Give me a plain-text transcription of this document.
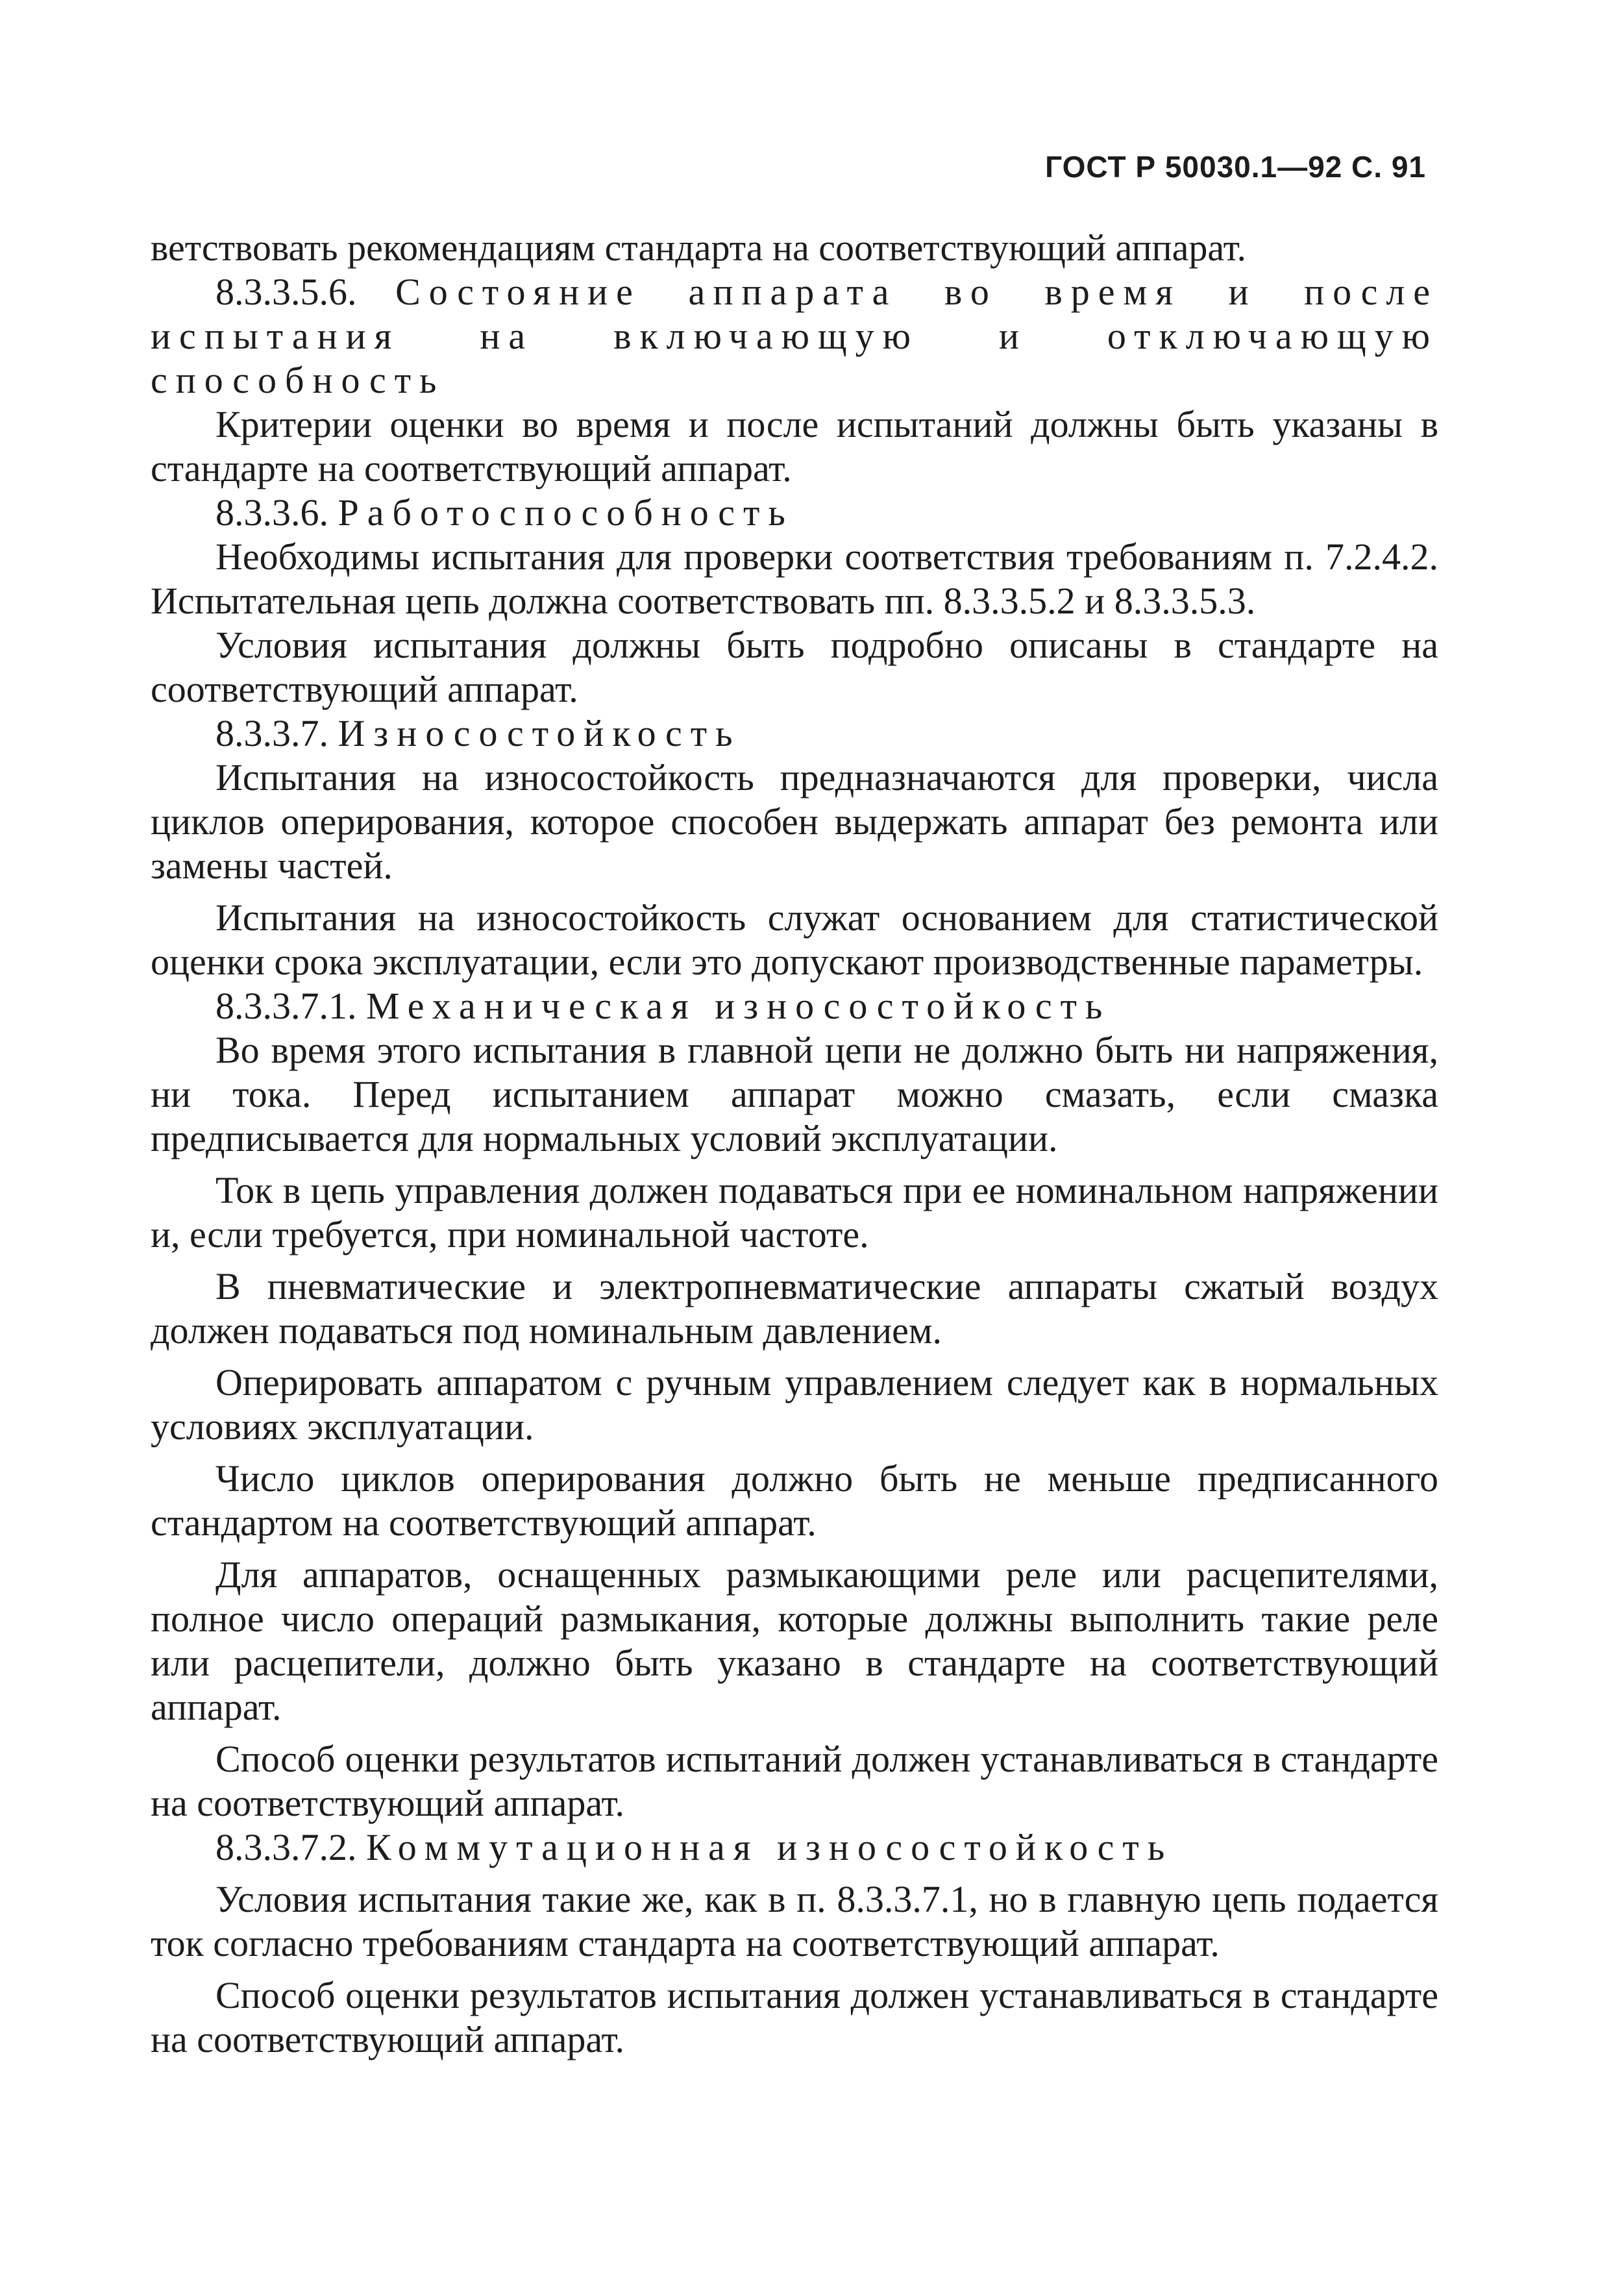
ГОСТ Р 50030.1—92 С. 91

ветствовать рекомендациям стандарта на соответствующий аппарат.

8.3.3.5.6. Состояние аппарата во время и после испытания на включающую и отключающую способность

Критерии оценки во время и после испытаний должны быть указаны в стандарте на соответствующий аппарат.

8.3.3.6. Работоспособность

Необходимы испытания для проверки соответствия требованиям п. 7.2.4.2. Испытательная цепь должна соответствовать пп. 8.3.3.5.2 и 8.3.3.5.3.

Условия испытания должны быть подробно описаны в стандарте на соответствующий аппарат.

8.3.3.7. Износостойкость

Испытания на износостойкость предназначаются для проверки, числа циклов оперирования, которое способен выдержать аппарат без ремонта или замены частей.

Испытания на износостойкость служат основанием для статистической оценки срока эксплуатации, если это допускают производственные параметры.

8.3.3.7.1. Механическая износостойкость

Во время этого испытания в главной цепи не должно быть ни напряжения, ни тока. Перед испытанием аппарат можно смазать, если смазка предписывается для нормальных условий эксплуатации.

Ток в цепь управления должен подаваться при ее номинальном напряжении и, если требуется, при номинальной частоте.

В пневматические и электропневматические аппараты сжатый воздух должен подаваться под номинальным давлением.

Оперировать аппаратом с ручным управлением следует как в нормальных условиях эксплуатации.

Число циклов оперирования должно быть не меньше предписанного стандартом на соответствующий аппарат.

Для аппаратов, оснащенных размыкающими реле или расцепителями, полное число операций размыкания, которые должны выполнить такие реле или расцепители, должно быть указано в стандарте на соответствующий аппарат.

Способ оценки результатов испытаний должен устанавливаться в стандарте на соответствующий аппарат.

8.3.3.7.2. Коммутационная износостойкость

Условия испытания такие же, как в п. 8.3.3.7.1, но в главную цепь подается ток согласно требованиям стандарта на соответствующий аппарат.

Способ оценки результатов испытания должен устанавливаться в стандарте на соответствующий аппарат.
